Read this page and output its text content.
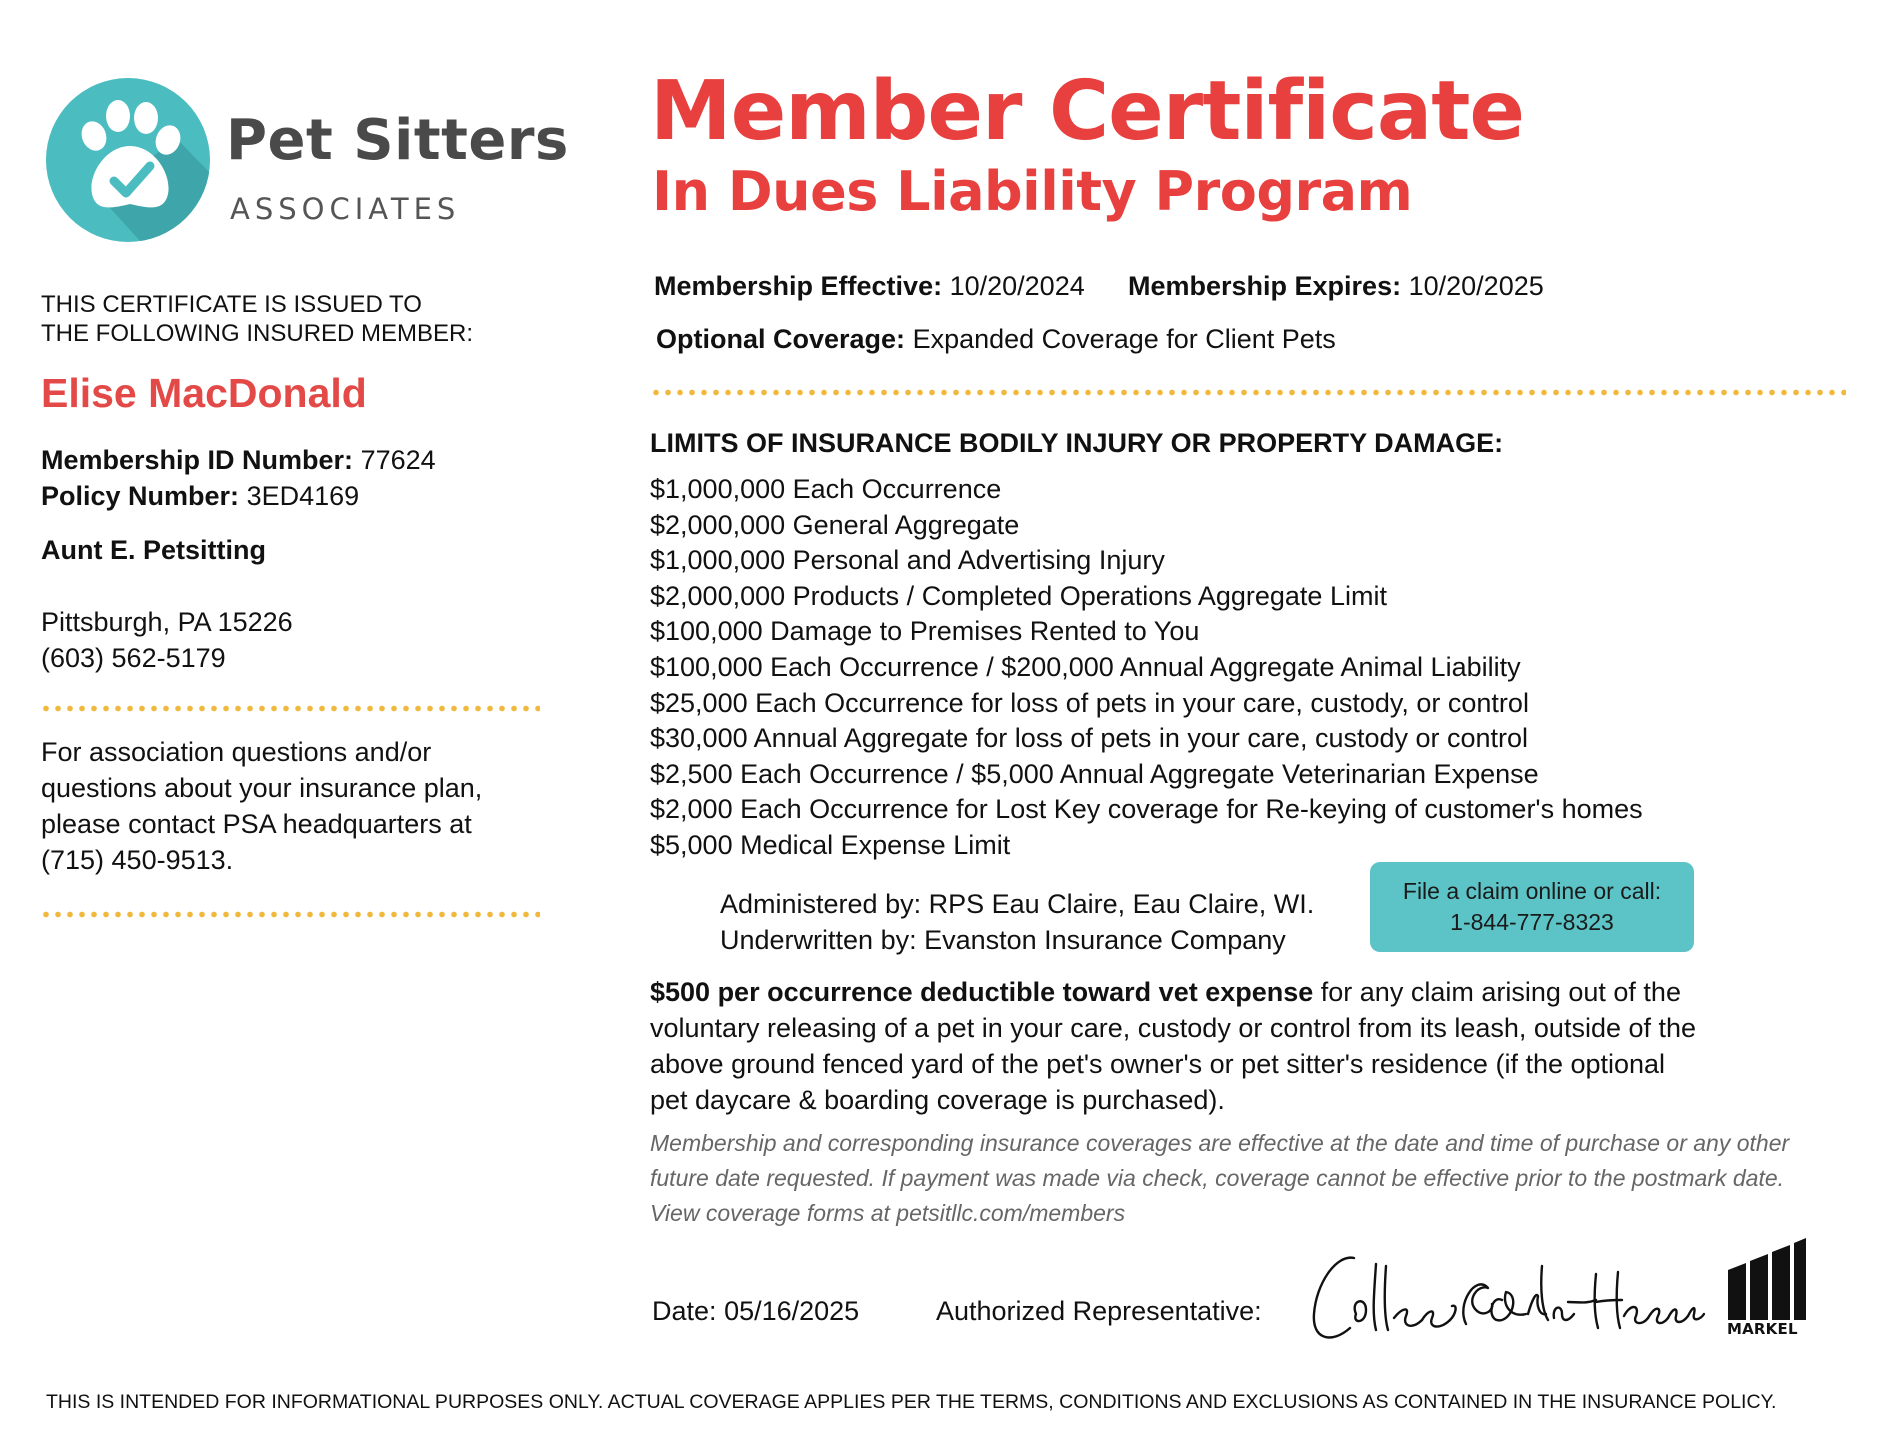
Pet Sitters
ASSOCIATES
Member Certificate
In Dues Liability Program
THIS CERTIFICATE IS ISSUED TO
THE FOLLOWING INSURED MEMBER:
Elise MacDonald
Membership ID Number: 77624
Policy Number: 3ED4169
Aunt E. Petsitting
Pittsburgh, PA 15226
(603) 562-5179
For association questions and/or
questions about your insurance plan,
please contact PSA headquarters at
(715) 450-9513.
Membership Effective: 10/20/2024 Membership Expires: 10/20/2025
Optional Coverage: Expanded Coverage for Client Pets
LIMITS OF INSURANCE BODILY INJURY OR PROPERTY DAMAGE:
$1,000,000 Each Occurrence
$2,000,000 General Aggregate
$1,000,000 Personal and Advertising Injury
$2,000,000 Products / Completed Operations Aggregate Limit
$100,000 Damage to Premises Rented to You
$100,000 Each Occurrence / $200,000 Annual Aggregate Animal Liability
$25,000 Each Occurrence for loss of pets in your care, custody, or control
$30,000 Annual Aggregate for loss of pets in your care, custody or control
$2,500 Each Occurrence / $5,000 Annual Aggregate Veterinarian Expense
$2,000 Each Occurrence for Lost Key coverage for Re-keying of customer's homes
$5,000 Medical Expense Limit
Administered by: RPS Eau Claire, Eau Claire, WI.
Underwritten by: Evanston Insurance Company
File a claim online or call:
1-844-777-8323
$500 per occurrence deductible toward vet expense for any claim arising out of the
voluntary releasing of a pet in your care, custody or control from its leash, outside of the
above ground fenced yard of the pet's owner's or pet sitter's residence (if the optional
pet daycare & boarding coverage is purchased).
Membership and corresponding insurance coverages are effective at the date and time of purchase or any other
future date requested. If payment was made via check, coverage cannot be effective prior to the postmark date.
View coverage forms at petsitllc.com/members
Date: 05/16/2025	Authorized Representative:
MARKEL
THIS IS INTENDED FOR INFORMATIONAL PURPOSES ONLY. ACTUAL COVERAGE APPLIES PER THE TERMS, CONDITIONS AND EXCLUSIONS AS CONTAINED IN THE INSURANCE POLICY.
